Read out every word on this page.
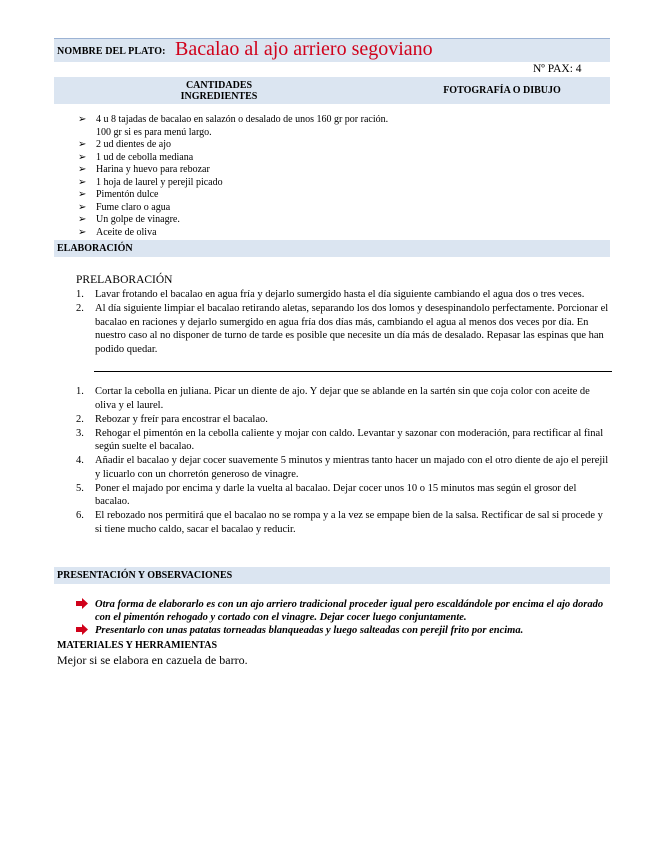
NOMBRE DEL PLATO: Bacalao al ajo arriero segoviano
Nº PAX: 4
CANTIDADES
INGREDIENTES
FOTOGRAFÍA O DIBUJO
➢ 4 u 8 tajadas de bacalao en salazón o desalado de unos 160 gr por ración. 100 gr si es para menú largo.
➢ 2 ud dientes de ajo
➢ 1 ud de cebolla mediana
➢ Harina y huevo para rebozar
➢ 1 hoja de laurel y perejil picado
➢ Pimentón dulce
➢ Fume claro o agua
➢ Un golpe de vinagre.
➢ Aceite de oliva
ELABORACIÓN
PRELABORACIÓN
1. Lavar frotando el bacalao en agua fría y dejarlo sumergido hasta el día siguiente cambiando el agua dos o tres veces.
2. Al día siguiente limpiar el bacalao retirando aletas, separando los dos lomos y desespinandolo perfectamente. Porcionar el bacalao en raciones y dejarlo sumergido en agua fría dos días más, cambiando el agua al menos dos veces por día. En nuestro caso al no disponer de turno de tarde es posible que necesite un día más de desalado. Repasar las espinas que han podido quedar.
1. Cortar la cebolla en juliana. Picar un diente de ajo. Y dejar que se ablande en la sartén sin que coja color con aceite de oliva y el laurel.
2. Rebozar y freír para encostrar el bacalao.
3. Rehogar el pimentón en la cebolla caliente y mojar con caldo. Levantar y sazonar con moderación, para rectificar al final según suelte el bacalao.
4. Añadir el bacalao y dejar cocer suavemente 5 minutos y mientras tanto hacer un majado con el otro diente de ajo el perejil y licuarlo con un chorretón generoso de vinagre.
5. Poner el majado por encima y darle la vuelta al bacalao. Dejar cocer unos 10 o 15 minutos mas según el grosor del bacalao.
6. El rebozado nos permitirá que el bacalao no se rompa y a la vez se empape bien de la salsa. Rectificar de sal si procede y si tiene mucho caldo, sacar el bacalao y reducir.
PRESENTACIÓN Y OBSERVACIONES
Otra forma de elaborarlo es con un ajo arriero tradicional proceder igual pero escaldándole por encima el ajo dorado con el pimentón rehogado y cortado con el vinagre. Dejar cocer luego conjuntamente.
Presentarlo con unas patatas torneadas blanqueadas y luego salteadas con perejil frito por encima.
MATERIALES Y HERRAMIENTAS
Mejor si se elabora en cazuela de barro.
